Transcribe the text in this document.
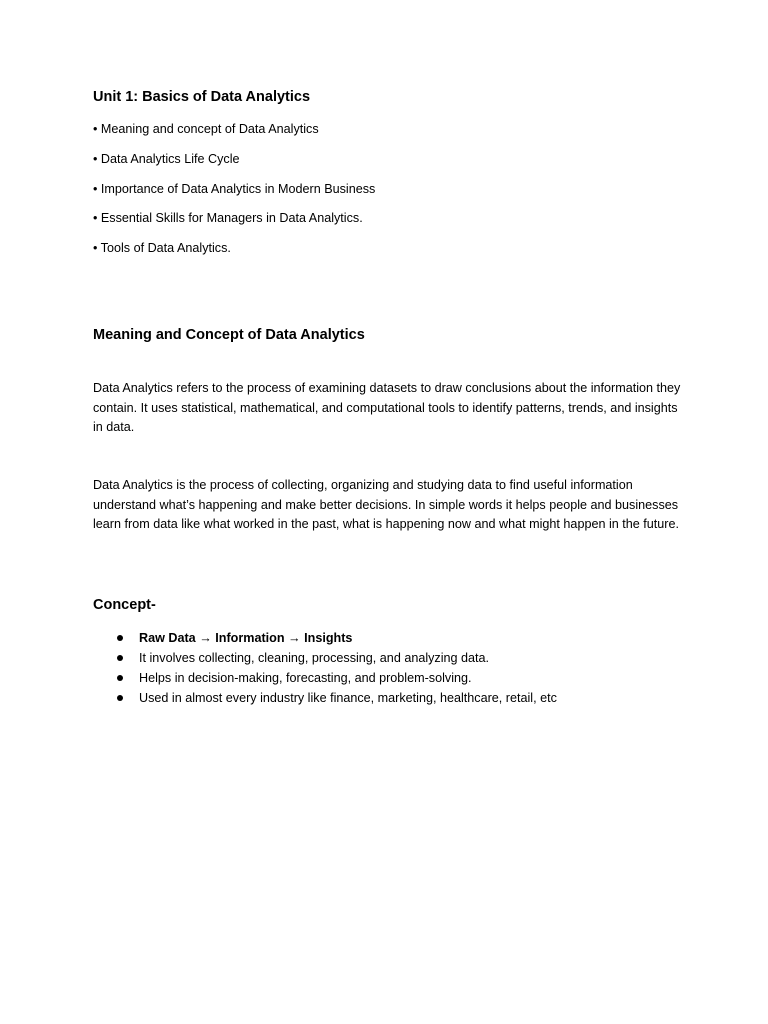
Unit 1: Basics of Data Analytics
• Meaning and concept of Data Analytics
• Data Analytics Life Cycle
• Importance of Data Analytics in Modern Business
• Essential Skills for Managers in Data Analytics.
• Tools of Data Analytics.
Meaning and Concept of Data Analytics

Data Analytics refers to the process of examining datasets to draw conclusions about the information they contain. It uses statistical, mathematical, and computational tools to identify patterns, trends, and insights in data.

Data Analytics is the process of collecting, organizing and studying data to find useful information understand what’s happening and make better decisions. In simple words it helps people and businesses learn from data like what worked in the past, what is happening now and what might happen in the future.

Concept-
Raw Data → Information → Insights
It involves collecting, cleaning, processing, and analyzing data.
Helps in decision-making, forecasting, and problem-solving.
Used in almost every industry like finance, marketing, healthcare, retail, etc
